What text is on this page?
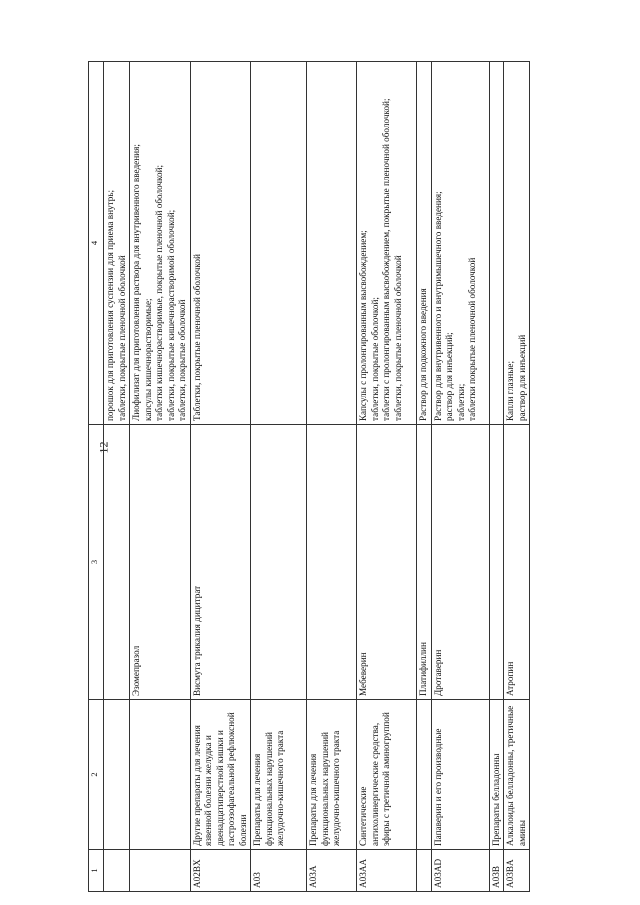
12
1	2	3	4
			порошок для приготовления суспензии для приема внутрь;
таблетки, покрытые пленочной оболочкой
		Эзомепразол	Лиофилизат для приготовления раствора для внутривенного введения;
капсулы кишечнорастворимые;
таблетки кишечнорастворимые, покрытые пленочной оболочкой;
таблетки, покрытые кишечнорастворимой оболочкой;
таблетки, покрытые оболочкой
A02BX	Другие препараты для лечения язвенной болезни желудка и двенадцатиперстной кишки и гастроэзофагеальной рефлюксной болезни	Висмута трикалия дицитрат	Таблетки, покрытые пленочной оболочкой
A03	Препараты для лечения функциональных нарушений желудочно-кишечного тракта		
A03A	Препараты для лечения функциональных нарушений желудочно-кишечного тракта		
A03AA	Синтетические антихолинергические средства, эфиры с третичной аминогруппой	Мебеверин	Капсулы с пролонгированным высвобождением;
таблетки, покрытые оболочкой;
таблетки с пролонгированным высвобождением, покрытые пленочной оболочкой;
таблетки, покрытые пленочной оболочкой
		Платифиллин	Раствор для подкожного введения
A03AD	Папаверин и его производные	Дротаверин	Раствор для внутривенного и внутримышечного введения;
раствор для инъекций;
таблетки;
таблетки покрытые пленочной оболочкой
A03B	Препараты белладонны		
A03BA	Алкалоиды белладонны, третичные амины	Атропин	Капли глазные;
раствор для инъекций
